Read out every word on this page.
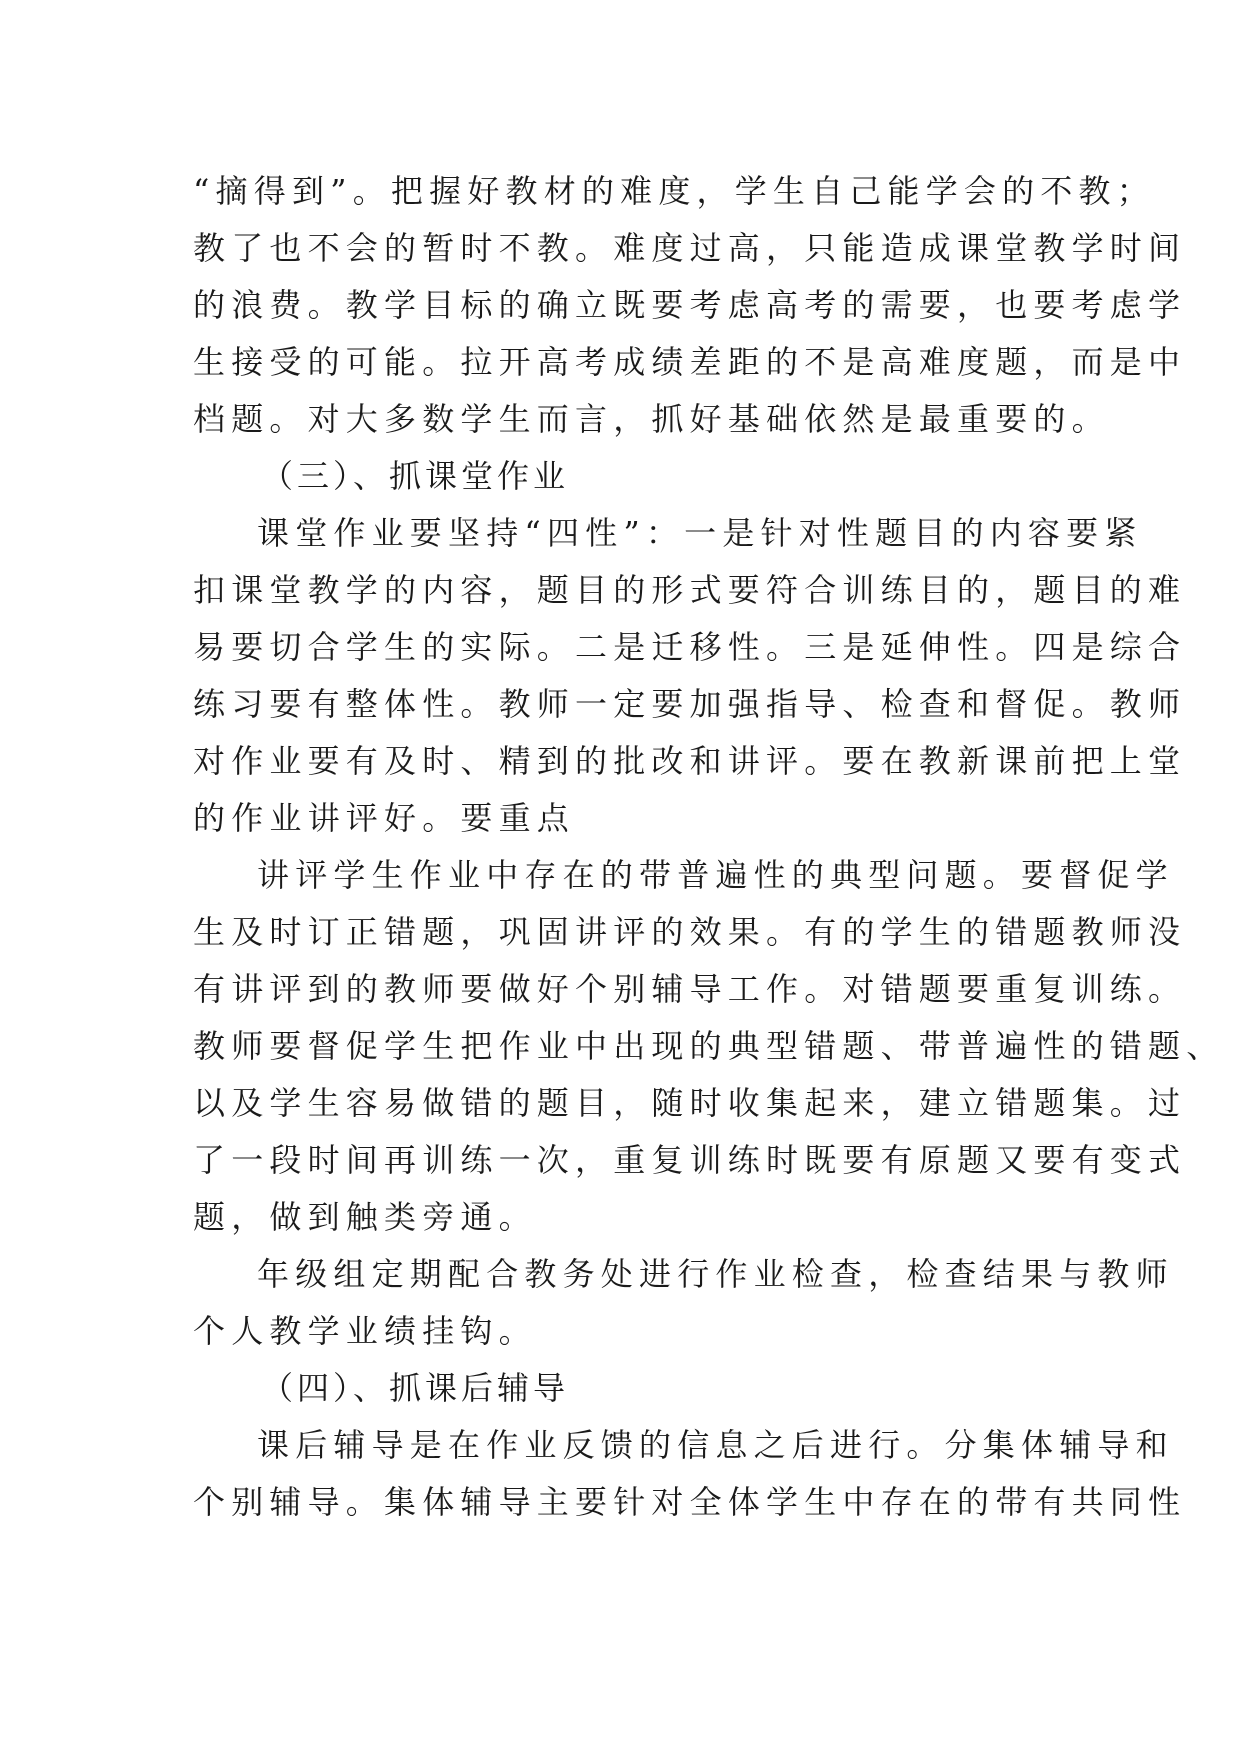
“摘得到”。把握好教材的难度，学生自己能学会的不教；
教了也不会的暂时不教。难度过高，只能造成课堂教学时间
的浪费。教学目标的确立既要考虑高考的需要，也要考虑学
生接受的可能。拉开高考成绩差距的不是高难度题，而是中
档题。对大多数学生而言，抓好基础依然是最重要的。
（三）、抓课堂作业
课堂作业要坚持“四性”：一是针对性题目的内容要紧
扣课堂教学的内容，题目的形式要符合训练目的，题目的难
易要切合学生的实际。二是迁移性。三是延伸性。四是综合
练习要有整体性。教师一定要加强指导、检查和督促。教师
对作业要有及时、精到的批改和讲评。要在教新课前把上堂
的作业讲评好。要重点
讲评学生作业中存在的带普遍性的典型问题。要督促学
生及时订正错题，巩固讲评的效果。有的学生的错题教师没
有讲评到的教师要做好个别辅导工作。对错题要重复训练。
教师要督促学生把作业中出现的典型错题、带普遍性的错题、
以及学生容易做错的题目，随时收集起来，建立错题集。过
了一段时间再训练一次，重复训练时既要有原题又要有变式
题，做到触类旁通。
年级组定期配合教务处进行作业检查，检查结果与教师
个人教学业绩挂钩。
（四）、抓课后辅导
课后辅导是在作业反馈的信息之后进行。分集体辅导和
个别辅导。集体辅导主要针对全体学生中存在的带有共同性
